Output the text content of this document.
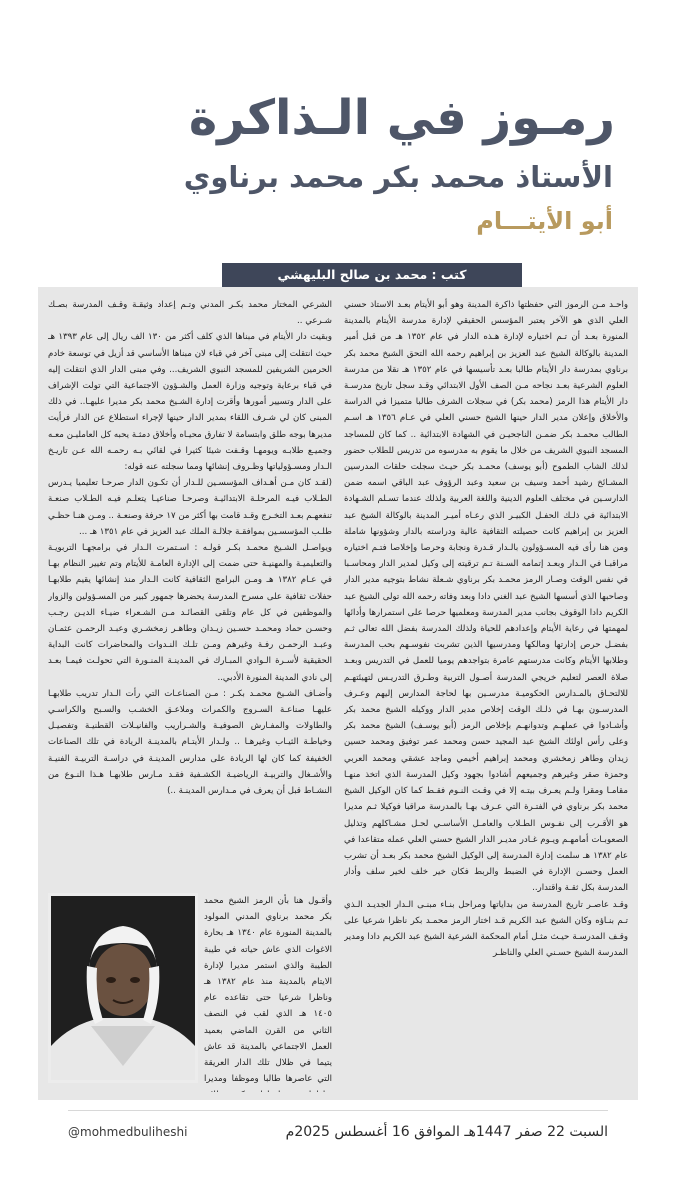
رمـوز في الـذاكرة
الأستاذ محمد بكر محمد برناوي
أبو الأيتـــام
كتب : محمد بن صالح البليهشي

واحـد مـن الرموز التي حفظتها ذاكرة المدينة وهو أبو الأيتام بعـد الاستاذ حسني العلي الذي هو الآخر يعتبر المؤسس الحقيقي لإدارة مدرسة الأيتام بالمدينة المنورة بعـد أن تـم اختياره لإدارة هـذه الدار في عام ١٣٥٢ هـ من قبل أمير المدينة بالوكالة الشيخ عبد العزيز بن إبراهيم رحمه الله التحق الشيخ محمد بكر برناوي بمدرسة دار الأيتام طالبا بعـد تأسيسها في عام ١٣٥٢ هـ نقلا من مدرسة العلوم الشرعية بعـد نجاحه مـن الصف الأول الابتدائي وقـد سجل تاريخ مدرسـة دار الأيتام هذا الرمز (محمد بكر) في سجلات الشرف طالبا متميزا في الدراسة والأخلاق وإعلان مدير الدار حينها الشيخ حسني العلي في عـام ١٣٥٦ هـ اسـم الطالب محمـد بكر ضمـن الناجحيـن في الشهادة الابتدائية .. كما كان للمساجد المسجد النبوي الشريف من خلال ما يقوم به مدرسوه من تدريس للطلاب حضور لذلك الشاب الطموح (أبو يوسف) محمـد بكر حيـث سجلت حلقات المدرسين المشـائخ رشيد أحمد وسيف بن سعيد وعبد الرؤوف عبد الباقي اسمه ضمن الدارسـين في مختلف العلوم الدينية واللغة العربية ولذلك عندما تسـلم الشـهادة الابتدائية في ذلـك الحفـل الكبيـر الذي رعـاه أميـر المدينة بالوكالة الشيخ عبد العزيز بن إبراهيم كانت حصيلته الثقافية عالية ودراسته بالدار وشؤونها شاملة ومن هنا رأى فيه المسـؤولون بالـدار قـدرة ونجابة وحرصا وإخلاصا فتـم اختياره مراقبـا في الـدار وبعـد إتمامه السـنة تـم ترقيته إلى وكيل لمدير الدار ومحاسـبا في نفس الوقت وصـار الرمز محمـد بكر برناوي شـعلة نشاط بتوجيه مدير الدار وصاحبها الذي أسسها الشيخ عبد الغني دادا وبعد وفاته رحمه الله تولى الشيخ عبد الكريم دادا الوقوف بجانب مدير المدرسة ومعلميها حرصا على استمرارها وأدائها لمهمتها في رعاية الأيتام وإعدادهم للحياة ولذلك المدرسة بفضل الله تعالى ثـم بفضـل حرص إدارتها ومالكها ومدرسيها الذين تشربت نفوسـهم بحب المدرسة وطلابها الأيتام وكانت مدرستهم عامرة بتواجدهم يوميا للعمل في التدريس وبعـد صلاة العصر لتعليم خريجي المدرسة أصـول التربية وطـرق التدريـس لتهيئتهـم للالتحـاق بالمـدارس الحكوميـة مدرسـين بها لحاجة المدارس إليهم وعـرف المدرسـون بهـا في ذلـك الوقت إخلاص مدير الدار ووكيله الشيخ محمد بكر وأشـادوا في عملهـم وتدوانهـم بإخلاص الرمز (أبو يوسـف) الشيخ محمد بكر وعلى رأس اولئك الشيخ عبد المجيد حسن ومحمد عمر توفيق ومحمد حسين زيدان وطاهر زمخشري ومحمد إبراهيم أخيمي وماجد عشقي ومحمد العربي وحمزة صقر وغيرهم وجميعهم أشادوا بجهود وكيل المدرسة الذي اتخذ منهـا مقامـا ومقرا ولـم يعـرف بيتـه إلا في وقـت النـوم فقـط كما كان الوكيل الشيخ محمد بكر برناوي في الفتـرة التي عـرف بهـا بالمدرسة مراقبا فوكيلا ثـم مديرا هو الأقـرب إلى نفـوس الطـلاب والعامـل الأساسـي لحـل مشـاكلهم وتذليل الصعوبـات أمامهـم ويـوم غـادر مديـر الدار الشيخ حسني العلي عمله متقاعدا في عام ١٣٨٢ هـ سلمت إدارة المدرسة إلى الوكيل الشيخ محمد بكر بعـد أن تشرب العمل وحسـن الإدارة في الضبط والربط فكان خير خلف لخير سلف وأدار المدرسة بكل ثقـة واقتدار..

وقـد عاصـر تاريخ المدرسة من بداياتها ومراحل بنـاء مبنـى الـدار الجديـد الـذي تـم بنـاؤه وكان الشيخ عبد الكريم قـد اختار الرمز محمـد بكر ناظرا شرعيا على وقـف المدرسـة حيـث مثـل أمام المحكمة الشرعية الشيخ عبد الكريم دادا ومدير المدرسة الشيخ حسـني العلي والناظـر

الشرعي المختار محمد بكـر المدني وتـم إعداد وثيقـة وقـف المدرسة بصـك شـرعي ..

وبقيت دار الأيتام في مبناها الذي كلف أكثر من ١٣٠ الف ريال إلى عام ١٣٩٣ هـ حيث انتقلت إلى مبنى آخر في قباء لان مبناها الأساسي قد أزيل في توسعة خادم الحرمين الشريفين للمسجد النبوي الشريف... وفي مبنى الدار الذي انتقلت إليه في قباء برعاية وتوجيه وزارة العمل والشـؤون الاجتماعية التي تولت الإشراف على الدار وتسيير أمورها وأقرت إدارة الشـيخ محمد بكر مديرا عليهـا.. في ذلك المبنى كان لي شـرف اللقاء بمدير الدار حينها لإجراء استطلاع عن الدار فرأيت مديرها بوجه طلق وابتسامة لا تفارق محيـاه وأخلاق دمثـة يحبه كل العامليـن معـه وجميـع طلابـه ويومهـا وقـفت شيئا كثيرا في لقائي بـه رحمـه الله عـن تاريـخ الـدار ومسـؤولياتها وظـروف إنشائها ومما سجلته عنه قوله:

(لقـد كان مـن أهـداف المؤسسـين للـدار أن تكـون الدار صرحـا تعليميا يـدرس الطـلاب فيـه المرحلـة الابتدائيـة وصرحـا صناعيـا يتعلـم فيـه الطـلاب صنعـة تنفعهـم بعـد التخـرج وقـد قامت بها أكثر من ١٧ حرفة وصنعـة .. ومـن هنـا حظـي طلـب المؤسسـين بموافقـة جلالـة الملك عبد العزيز في عام ١٣٥١ هـ ...

ويواصـل الشـيخ محمـد بكـر قولـه : اسـتمرت الـدار في برامجهـا التربويـة والتعليميـة والمهنيـة حتى ضمت إلى الإدارة العامـة للأيتام وتم تغيير النظام بهـا في عـام ١٣٨٢ هـ ومـن البرامج الثقافية كانت الـدار منذ إنشائها يقيم طلابهـا حفلات ثقافية على مسرح المدرسة يحضرها جمهور كبير من المسـؤولين والزوار والموظفين في كل عام وتلقى القصائـد مـن الشـعراء ضيـاء الديـن رجـب وحسـن حماد ومحمـد حسـين زيـدان وطاهـر زمخشـري وعبـد الرحمـن عثمـان وعبـد الرحمـن رفـة وغيرهم ومـن تلـك النـدوات والمحاضرات كانت البداية الحقيقية لأسـرة الـوادي المبـارك في المدينـة المنـورة التي تحولـت فيمـا بعـد إلى نادي المدينة المنورة الأدبي..

وأضـاف الشـيخ محمـد بكـر : مـن الصناعـات التي رأت الـدار تدريب طلابهـا عليهـا صناعـة السـروج والكمرات وملاعـق الخشـب والسـبح والكراسـي والطاولات والمفـارش الصوفيـة والشـراريب والفانيـلات القطنيـة وتفصيـل وخياطـة الثيـاب وغيرهـا .. ولـدار الأيتـام بالمدينـة الريادة في تلك الصناعات الخفيفة كما كان لها الريادة على مدارس المدينـة في دراسـة التربيـة الفنيـة والأشـغال والتربيـة الرياضيـة الكشـفية فقـد مـارس طلابهـا هـذا النـوع من النشـاط قبل أن يعرف في مـدارس المدينـة ..)

وأقـول هنا بأن الرمز الشيخ محمد بكر محمد برناوي المدني المولود بالمدينة المنورة عام ١٣٤٠ هـ بحارة الاغوات الذي عاش حياته في طيبة الطيبة والذي استمر مديرا لإدارة الايتام بالمدينة منذ عام ١٣٨٢ هـ وناظرا شرعيا حتى تقاعده عام ١٤٠٥ هـ الذي لقب في النصف الثاني من القرن الماضي بعميد العمل الاجتماعي بالمدينة قد عاش يتيما في ظلال تلك الدار العريقة التي عاصرها طالبا وموظفا ومديرا

السبت 22 صفر 1447هـ الموافق 16 أغسطس 2025م
@mohmedbuliheshi
